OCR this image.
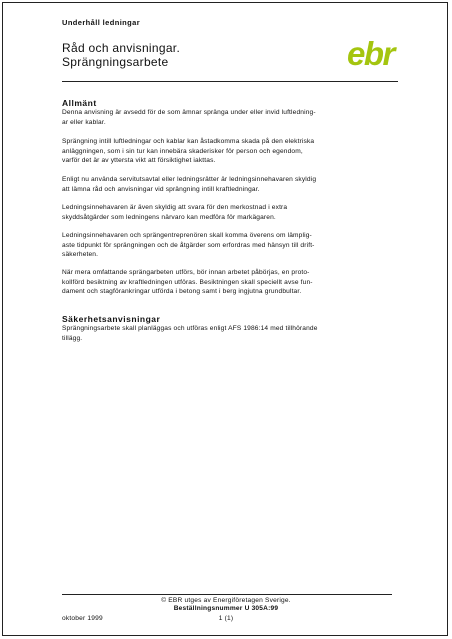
Underhåll ledningar
Råd och anvisningar.
Sprängningsarbete	ebr
Allmänt

Denna anvisning är avsedd för de som ämnar spränga under eller invid luftledning-
ar eller kablar.

Sprängning intill luftledningar och kablar kan åstadkomma skada på den elektriska
anläggningen, som i sin tur kan innebära skaderisker för person och egendom,
varför det är av yttersta vikt att försiktighet iakttas.

Enligt nu använda servitutsavtal eller ledningsrätter är ledningsinnehavaren skyldig
att lämna råd och anvisningar vid sprängning intill kraftledningar.

Ledningsinnehavaren är även skyldig att svara för den merkostnad i extra
skyddsåtgärder som ledningens närvaro kan medföra för markägaren.

Ledningsinnehavaren och sprängentreprenören skall komma överens om lämplig-
aste tidpunkt för sprängningen och de åtgärder som erfordras med hänsyn till drift-
säkerheten.

När mera omfattande sprängarbeten utförs, bör innan arbetet påbörjas, en proto-
kollförd besiktning av kraftledningen utföras. Besiktningen skall speciellt avse fun-
dament och stagförankringar utförda i betong samt i berg ingjutna grundbultar.

Säkerhetsanvisningar

Sprängningsarbete skall planläggas och utföras enligt AFS 1986:14 med tillhörande
tillägg.

© EBR utges av Energiföretagen Sverige.
Beställningsnummer U 305A:99
oktober 1999	1 (1)
